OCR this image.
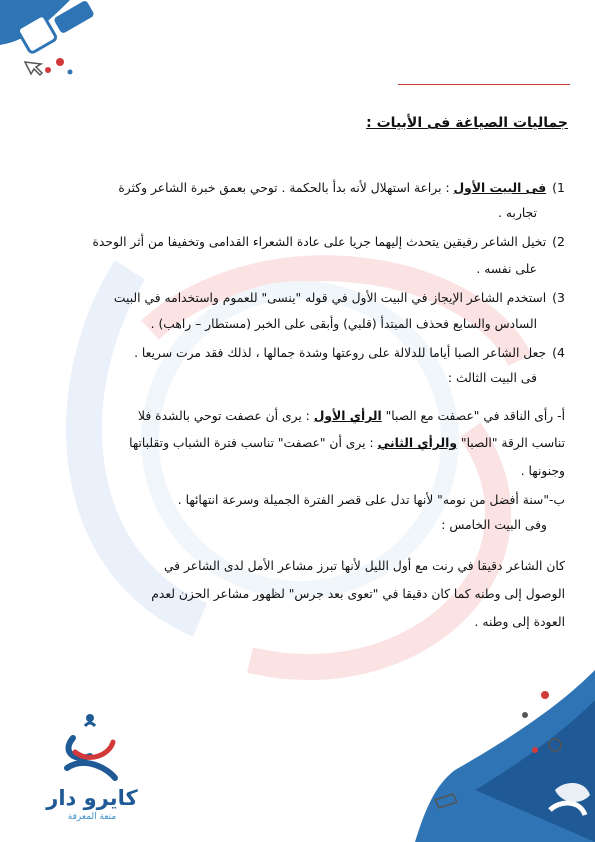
كايرو دار
متعة المعرفة
جماليات الصياغة فى الأبيات :
1)فى البيت الأول : براعة استهلال لأنه بدأ بالحكمة . توحي بعمق خبرة الشاعر وكثرة
تجاربه .
2)تخيل الشاعر رفيقين يتحدث إليهما جريا على عادة الشعراء القدامى وتخفيفا من أثر الوحدة
على نفسه .
3)استخدم الشاعر الإيجاز في البيت الأول في قوله "ينسى" للعموم واستخدامه في البيت
السادس والسابع فحذف المبتدأ (قلبي) وأبقى على الخبر (مستطار – راهب) .
4)جعل الشاعر الصبا أياما للدلالة على روعتها وشدة جمالها ، لذلك فقد مرت سريعا .
فى البيت الثالث :
أ- رأى الناقد في "عصفت مع الصبا" الرأي الأول : يرى أن عصفت توحي بالشدة فلا
تناسب الرقة "الصبا" والرأي الثاني : يرى أن "عصفت" تناسب فترة الشباب وتقلباتها
وجنونها .
ب-"سنة أفضل من نومه" لأنها تدل على قصر الفترة الجميلة وسرعة انتهائها .
وفى البيت الخامس :
كان الشاعر دقيقا في رنت مع أول الليل لأنها تبرز مشاعر الأمل لدى الشاعر في
الوصول إلى وطنه كما كان دقيقا في "تعوى بعد جرس" لظهور مشاعر الحزن لعدم
العودة إلى وطنه .
